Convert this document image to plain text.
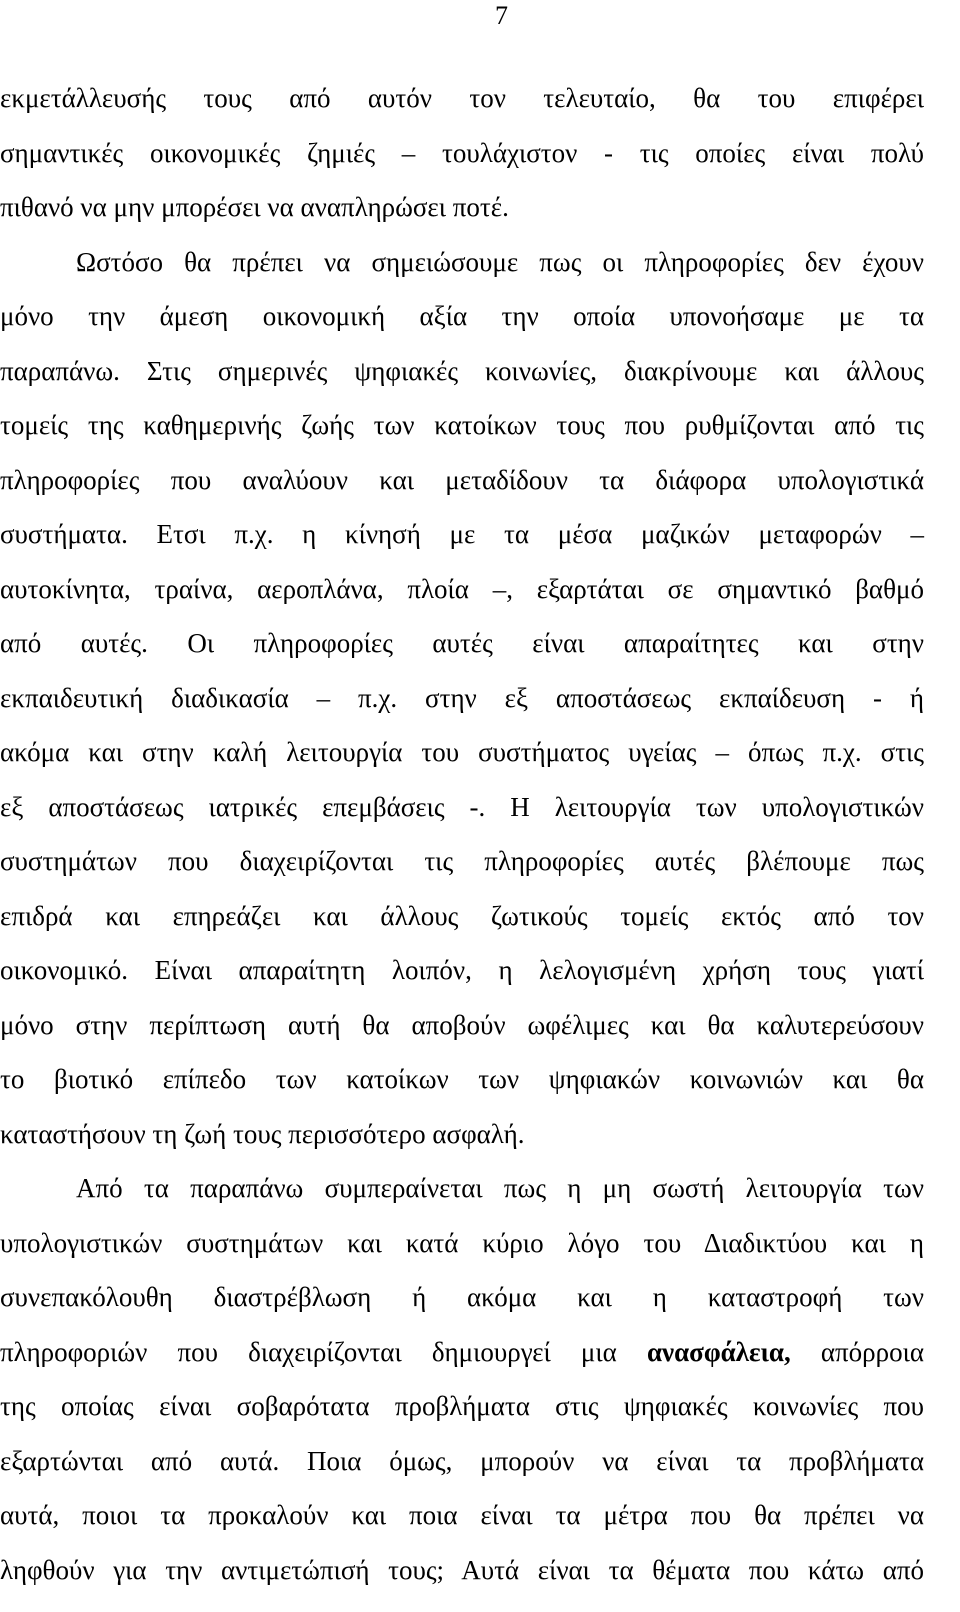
7
εκμετάλλευσής τους από αυτόν τον τελευταίο, θα του επιφέρει
σημαντικές οικονομικές ζημιές – τουλάχιστον - τις οποίες είναι πολύ
πιθανό να μην μπορέσει να αναπληρώσει ποτέ.
Ωστόσο θα πρέπει να σημειώσουμε πως οι πληροφορίες δεν έχουν
μόνο την άμεση οικονομική αξία την οποία υπονοήσαμε με τα
παραπάνω. Στις σημερινές ψηφιακές κοινωνίες, διακρίνουμε και άλλους
τομείς της καθημερινής ζωής των κατοίκων τους που ρυθμίζονται από τις
πληροφορίες που αναλύουν και μεταδίδουν τα διάφορα υπολογιστικά
συστήματα. Ετσι π.χ. η κίνησή με τα μέσα μαζικών μεταφορών –
αυτοκίνητα, τραίνα, αεροπλάνα, πλοία –, εξαρτάται σε σημαντικό βαθμό
από αυτές. Οι πληροφορίες αυτές είναι απαραίτητες και στην
εκπαιδευτική διαδικασία – π.χ. στην εξ αποστάσεως εκπαίδευση - ή
ακόμα και στην καλή λειτουργία του συστήματος υγείας – όπως π.χ. στις
εξ αποστάσεως ιατρικές επεμβάσεις -. Η λειτουργία των υπολογιστικών
συστημάτων που διαχειρίζονται τις πληροφορίες αυτές βλέπουμε πως
επιδρά και επηρεάζει και άλλους ζωτικούς τομείς εκτός από τον
οικονομικό. Είναι απαραίτητη λοιπόν, η λελογισμένη χρήση τους γιατί
μόνο στην περίπτωση αυτή θα αποβούν ωφέλιμες και θα καλυτερεύσουν
το βιοτικό επίπεδο των κατοίκων των ψηφιακών κοινωνιών και θα
καταστήσουν τη ζωή τους περισσότερο ασφαλή.
Από τα παραπάνω συμπεραίνεται πως η μη σωστή λειτουργία των
υπολογιστικών συστημάτων και κατά κύριο λόγο του Διαδικτύου και η
συνεπακόλουθη διαστρέβλωση ή ακόμα και η καταστροφή των
πληροφοριών που διαχειρίζονται δημιουργεί μια ανασφάλεια, απόρροια
της οποίας είναι σοβαρότατα προβλήματα στις ψηφιακές κοινωνίες που
εξαρτώνται από αυτά. Ποια όμως, μπορούν να είναι τα προβλήματα
αυτά, ποιοι τα προκαλούν και ποια είναι τα μέτρα που θα πρέπει να
ληφθούν για την αντιμετώπισή τους; Αυτά είναι τα θέματα που κάτω από
